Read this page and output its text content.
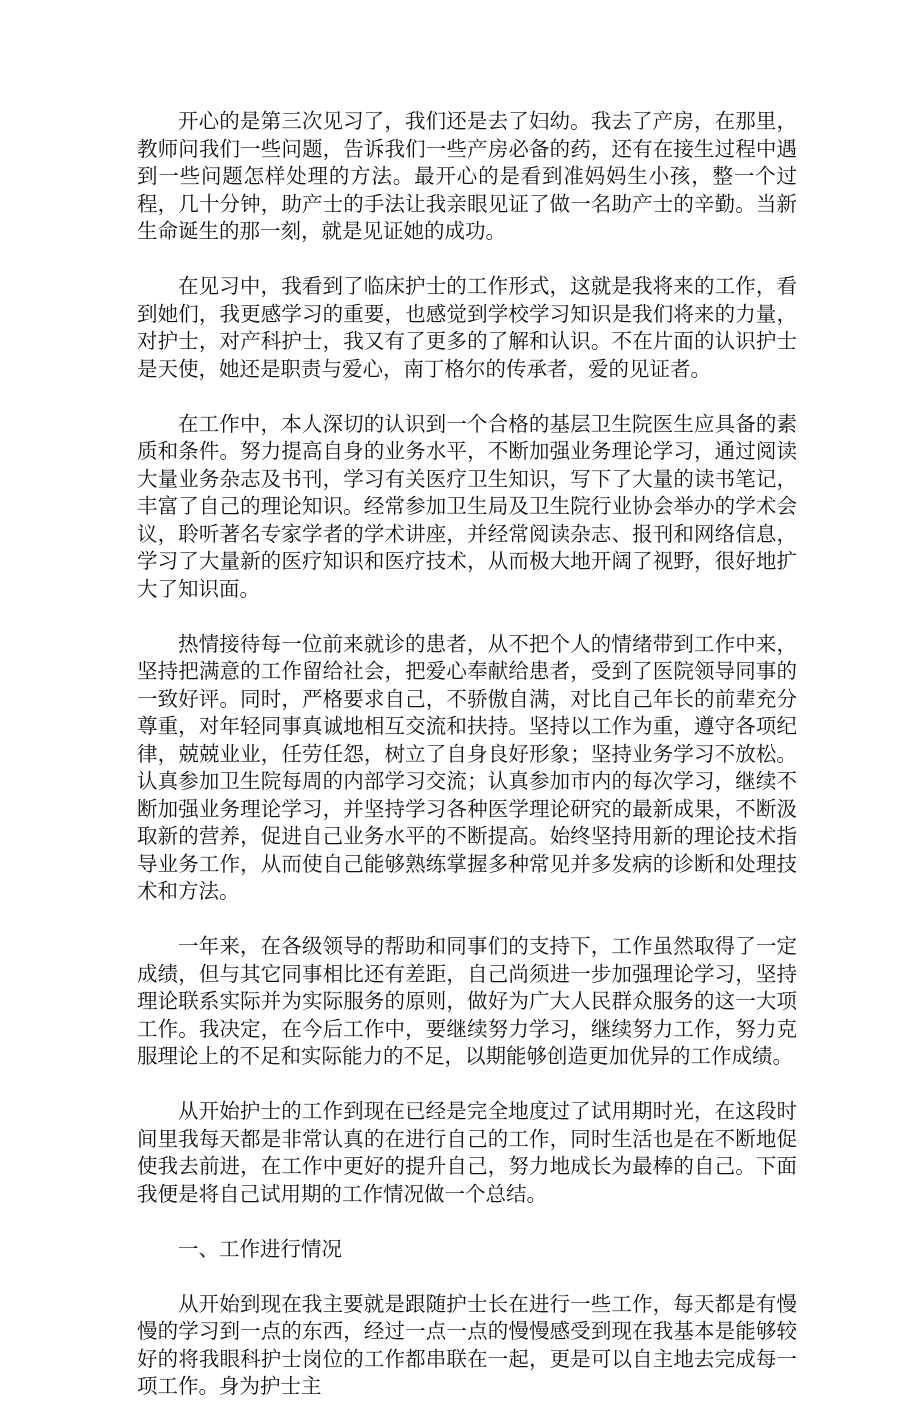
开心的是第三次见习了，我们还是去了妇幼。我去了产房，在那里，教师问我们一些问题，告诉我们一些产房必备的药，还有在接生过程中遇到一些问题怎样处理的方法。最开心的是看到准妈妈生小孩，整一个过程，几十分钟，助产士的手法让我亲眼见证了做一名助产士的辛勤。当新生命诞生的那一刻，就是见证她的成功。

在见习中，我看到了临床护士的工作形式，这就是我将来的工作，看到她们，我更感学习的重要，也感觉到学校学习知识是我们将来的力量，对护士，对产科护士，我又有了更多的了解和认识。不在片面的认识护士是天使，她还是职责与爱心，南丁格尔的传承者，爱的见证者。

在工作中，本人深切的认识到一个合格的基层卫生院医生应具备的素质和条件。努力提高自身的业务水平，不断加强业务理论学习，通过阅读大量业务杂志及书刊，学习有关医疗卫生知识，写下了大量的读书笔记，丰富了自己的理论知识。经常参加卫生局及卫生院行业协会举办的学术会议，聆听著名专家学者的学术讲座，并经常阅读杂志、报刊和网络信息，学习了大量新的医疗知识和医疗技术，从而极大地开阔了视野，很好地扩大了知识面。

热情接待每一位前来就诊的患者，从不把个人的情绪带到工作中来，坚持把满意的工作留给社会，把爱心奉献给患者，受到了医院领导同事的一致好评。同时，严格要求自己，不骄傲自满，对比自己年长的前辈充分尊重，对年轻同事真诚地相互交流和扶持。坚持以工作为重，遵守各项纪律，兢兢业业，任劳任怨，树立了自身良好形象；坚持业务学习不放松。认真参加卫生院每周的内部学习交流；认真参加市内的每次学习，继续不断加强业务理论学习，并坚持学习各种医学理论研究的最新成果，不断汲取新的营养，促进自己业务水平的不断提高。始终坚持用新的理论技术指导业务工作，从而使自己能够熟练掌握多种常见并多发病的诊断和处理技术和方法。

一年来，在各级领导的帮助和同事们的支持下，工作虽然取得了一定成绩，但与其它同事相比还有差距，自己尚须进一步加强理论学习，坚持理论联系实际并为实际服务的原则，做好为广大人民群众服务的这一大项工作。我决定，在今后工作中，要继续努力学习，继续努力工作，努力克服理论上的不足和实际能力的不足，以期能够创造更加优异的工作成绩。

从开始护士的工作到现在已经是完全地度过了试用期时光，在这段时间里我每天都是非常认真的在进行自己的工作，同时生活也是在不断地促使我去前进，在工作中更好的提升自己，努力地成长为最棒的自己。下面我便是将自己试用期的工作情况做一个总结。

一、工作进行情况

从开始到现在我主要就是跟随护士长在进行一些工作，每天都是有慢慢的学习到一点的东西，经过一点一点的慢慢感受到现在我基本是能够较好的将我眼科护士岗位的工作都串联在一起，更是可以自主地去完成每一项工作。身为护士主
